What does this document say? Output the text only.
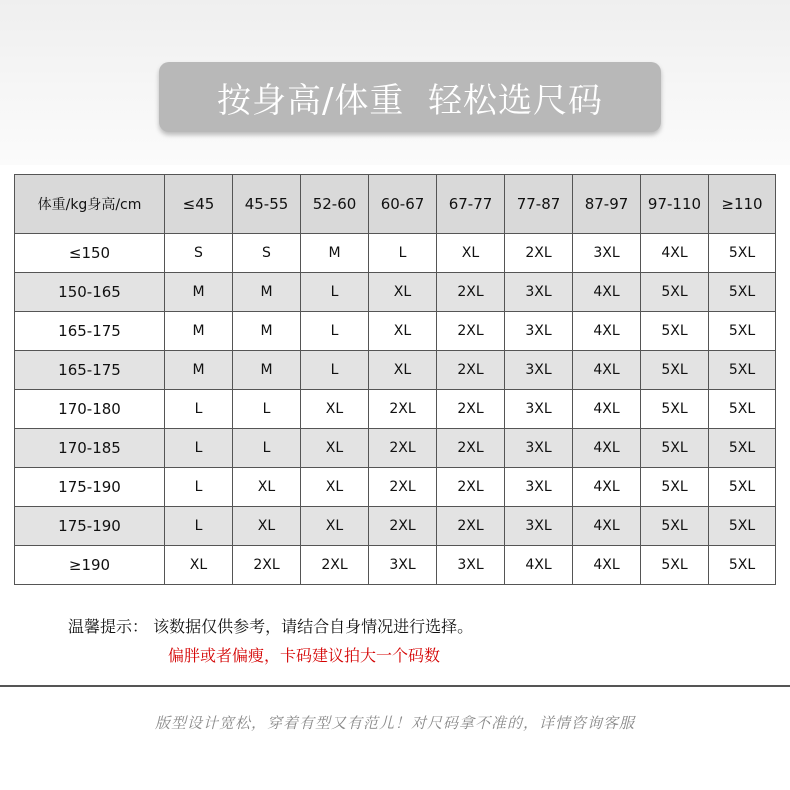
按身高/体重  轻松选尺码
体重/kg身高/cm	≤45	45-55	52-60	60-67	67-77	77-87	87-97	97-110	≥110
≤150	S	S	M	L	XL	2XL	3XL	4XL	5XL
150-165	M	M	L	XL	2XL	3XL	4XL	5XL	5XL
165-175	M	M	L	XL	2XL	3XL	4XL	5XL	5XL
165-175	M	M	L	XL	2XL	3XL	4XL	5XL	5XL
170-180	L	L	XL	2XL	2XL	3XL	4XL	5XL	5XL
170-185	L	L	XL	2XL	2XL	3XL	4XL	5XL	5XL
175-190	L	XL	XL	2XL	2XL	3XL	4XL	5XL	5XL
175-190	L	XL	XL	2XL	2XL	3XL	4XL	5XL	5XL
≥190	XL	2XL	2XL	3XL	3XL	4XL	4XL	5XL	5XL
温馨提示： 该数据仅供参考，请结合自身情况进行选择。
偏胖或者偏瘦，卡码建议拍大一个码数
版型设计宽松，穿着有型又有范儿！对尺码拿不准的，详情咨询客服
